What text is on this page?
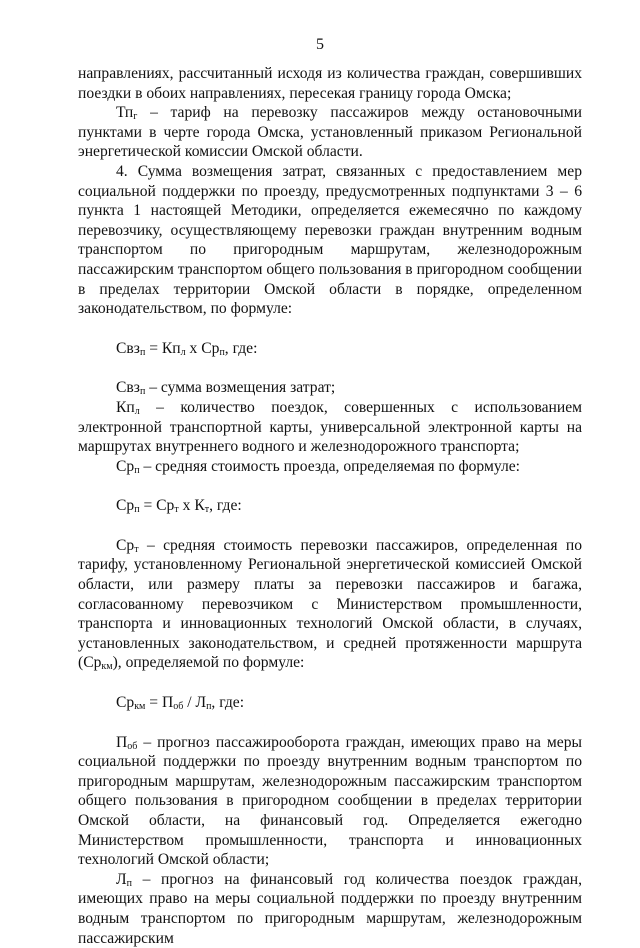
5

направлениях, рассчитанный исходя из количества граждан, совершивших поездки в обоих направлениях, пересекая границу города Омска;

$Тп_г$ – тариф на перевозку пассажиров между остановочными пунктами в черте города Омска, установленный приказом Региональной энергетической комиссии Омской области.

4. Сумма возмещения затрат, связанных с предоставлением мер социальной поддержки по проезду, предусмотренных подпунктами 3 – 6 пункта 1 настоящей Методики, определяется ежемесячно по каждому перевозчику, осуществляющему перевозки граждан внутренним водным транспортом по пригородным маршрутам, железнодорожным пассажирским транспортом общего пользования в пригородном сообщении в пределах территории Омской области в порядке, определенном законодательством, по формуле:

$Свз_п = Кп_л$ x $Ср_п$, где:

Свз$_п$ – сумма возмещения затрат;

$Кп_л$ – количество поездок, совершенных с использованием электронной транспортной карты, универсальной электронной карты на маршрутах внутреннего водного и железнодорожного транспорта;

$Ср_п$ – средняя стоимость проезда, определяемая по формуле:

$Ср_п = Ср_т$ x $К_т$, где:

$Ср_т$ – средняя стоимость перевозки пассажиров, определенная по тарифу, установленному Региональной энергетической комиссией Омской области, или размеру платы за перевозки пассажиров и багажа, согласованному перевозчиком с Министерством промышленности, транспорта и инновационных технологий Омской области, в случаях, установленных законодательством, и средней протяженности маршрута $(Ср_{км})$, определяемой по формуле:

$Ср_{км} = П_{об} / Л_п$, где:

$П_{об}$ – прогноз пассажирооборота граждан, имеющих право на меры социальной поддержки по проезду внутренним водным транспортом по пригородным маршрутам, железнодорожным пассажирским транспортом общего пользования в пригородном сообщении в пределах территории Омской области, на финансовый год. Определяется ежегодно Министерством промышленности, транспорта и инновационных технологий Омской области;

$Л_п$ – прогноз на финансовый год количества поездок граждан, имеющих право на меры социальной поддержки по проезду внутренним водным транспортом по пригородным маршрутам, железнодорожным пассажирским
